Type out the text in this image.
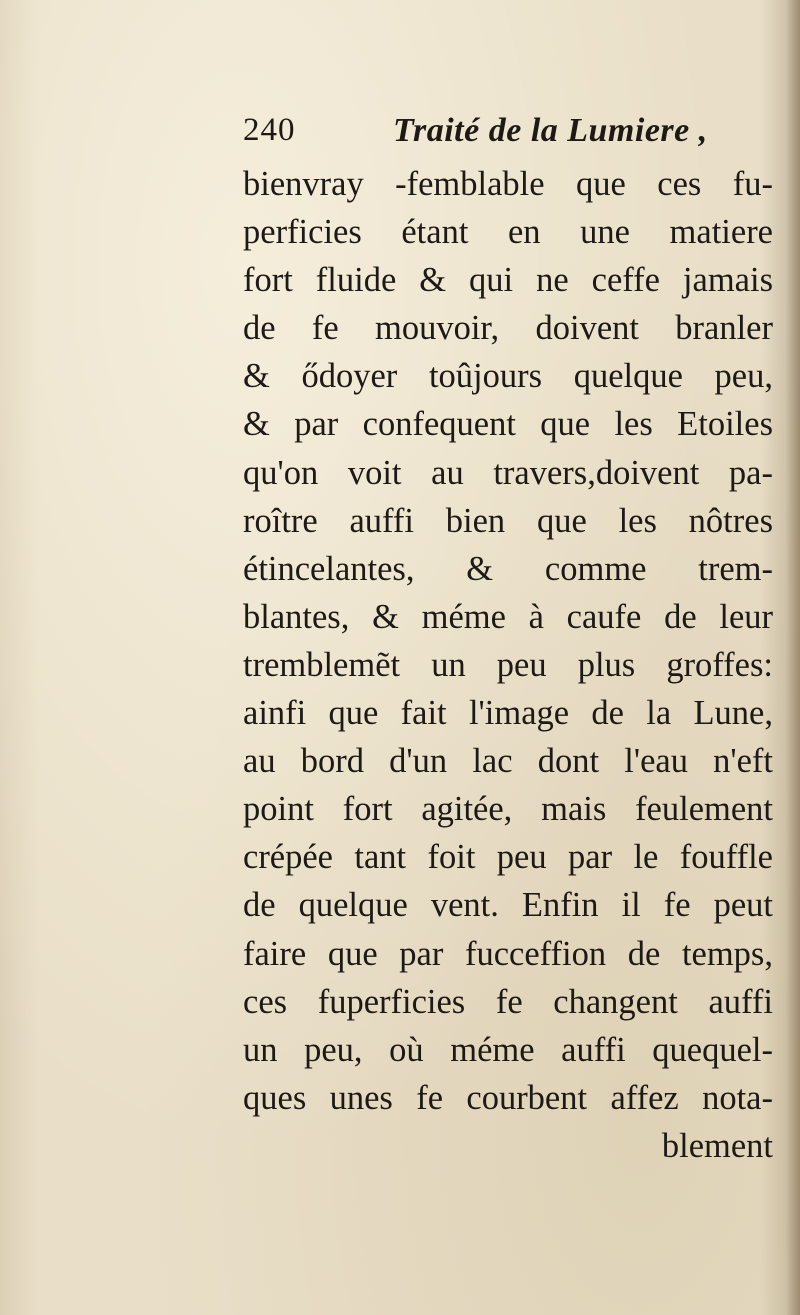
240	Traité de la Lumiere ,
bienvray -femblable que ces fu-
perficies étant en une matiere
fort fluide & qui ne ceffe jamais
de fe mouvoir, doivent branler
& ődoyer toûjours quelque peu,
& par confequent que les Etoiles
qu'on voit au travers,doivent pa-
roître auffi bien que les nôtres
étincelantes, & comme trem-
blantes, & méme à caufe de leur
tremblemẽt un peu plus groffes:
ainfi que fait l'image de la Lune,
au bord d'un lac dont l'eau n'eft
point fort agitée, mais feulement
crépée tant foit peu par le fouffle
de quelque vent. Enfin il fe peut
faire que par fucceffion de temps,
ces fuperficies fe changent auffi
un peu, où méme auffi quequel-
ques unes fe courbent affez nota-
blement
